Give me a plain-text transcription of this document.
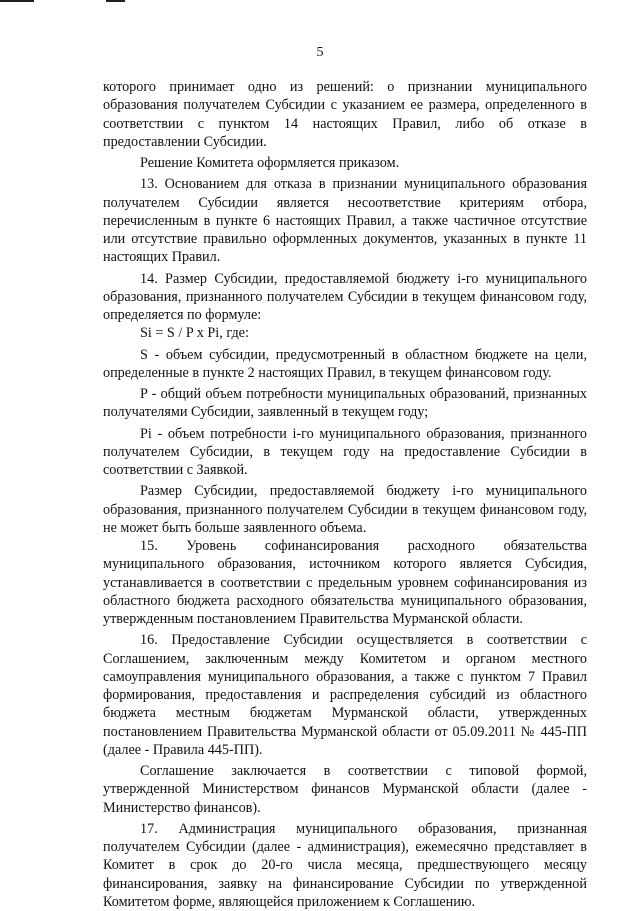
5

которого принимает одно из решений: о признании муниципального образования получателем Субсидии с указанием ее размера, определенного в соответствии с пунктом 14 настоящих Правил, либо об отказе в предоставлении Субсидии.

Решение Комитета оформляется приказом.

13. Основанием для отказа в признании муниципального образования получателем Субсидии является несоответствие критериям отбора, перечисленным в пункте 6 настоящих Правил, а также частичное отсутствие или отсутствие правильно оформленных документов, указанных в пункте 11 настоящих Правил.

14. Размер Субсидии, предоставляемой бюджету i-го муниципального образования, признанного получателем Субсидии в текущем финансовом году, определяется по формуле:

Si = S / P x Pi, где:

S - объем субсидии, предусмотренный в областном бюджете на цели, определенные в пункте 2 настоящих Правил, в текущем финансовом году.

P - общий объем потребности муниципальных образований, признанных получателями Субсидии, заявленный в текущем году;

Pi - объем потребности i-го муниципального образования, признанного получателем Субсидии, в текущем году на предоставление Субсидии в соответствии с Заявкой.

Размер Субсидии, предоставляемой бюджету i-го муниципального образования, признанного получателем Субсидии в текущем финансовом году, не может быть больше заявленного объема.

15. Уровень софинансирования расходного обязательства муниципального образования, источником которого является Субсидия, устанавливается в соответствии с предельным уровнем софинансирования из областного бюджета расходного обязательства муниципального образования, утвержденным постановлением Правительства Мурманской области.

16. Предоставление Субсидии осуществляется в соответствии с Соглашением, заключенным между Комитетом и органом местного самоуправления муниципального образования, а также с пунктом 7 Правил формирования, предоставления и распределения субсидий из областного бюджета местным бюджетам Мурманской области, утвержденных постановлением Правительства Мурманской области от 05.09.2011 № 445-ПП (далее - Правила 445-ПП).

Соглашение заключается в соответствии с типовой формой, утвержденной Министерством финансов Мурманской области (далее - Министерство финансов).

17. Администрация муниципального образования, признанная получателем Субсидии (далее - администрация), ежемесячно представляет в Комитет в срок до 20-го числа месяца, предшествующего месяцу финансирования, заявку на финансирование Субсидии по утвержденной Комитетом форме, являющейся приложением к Соглашению.
